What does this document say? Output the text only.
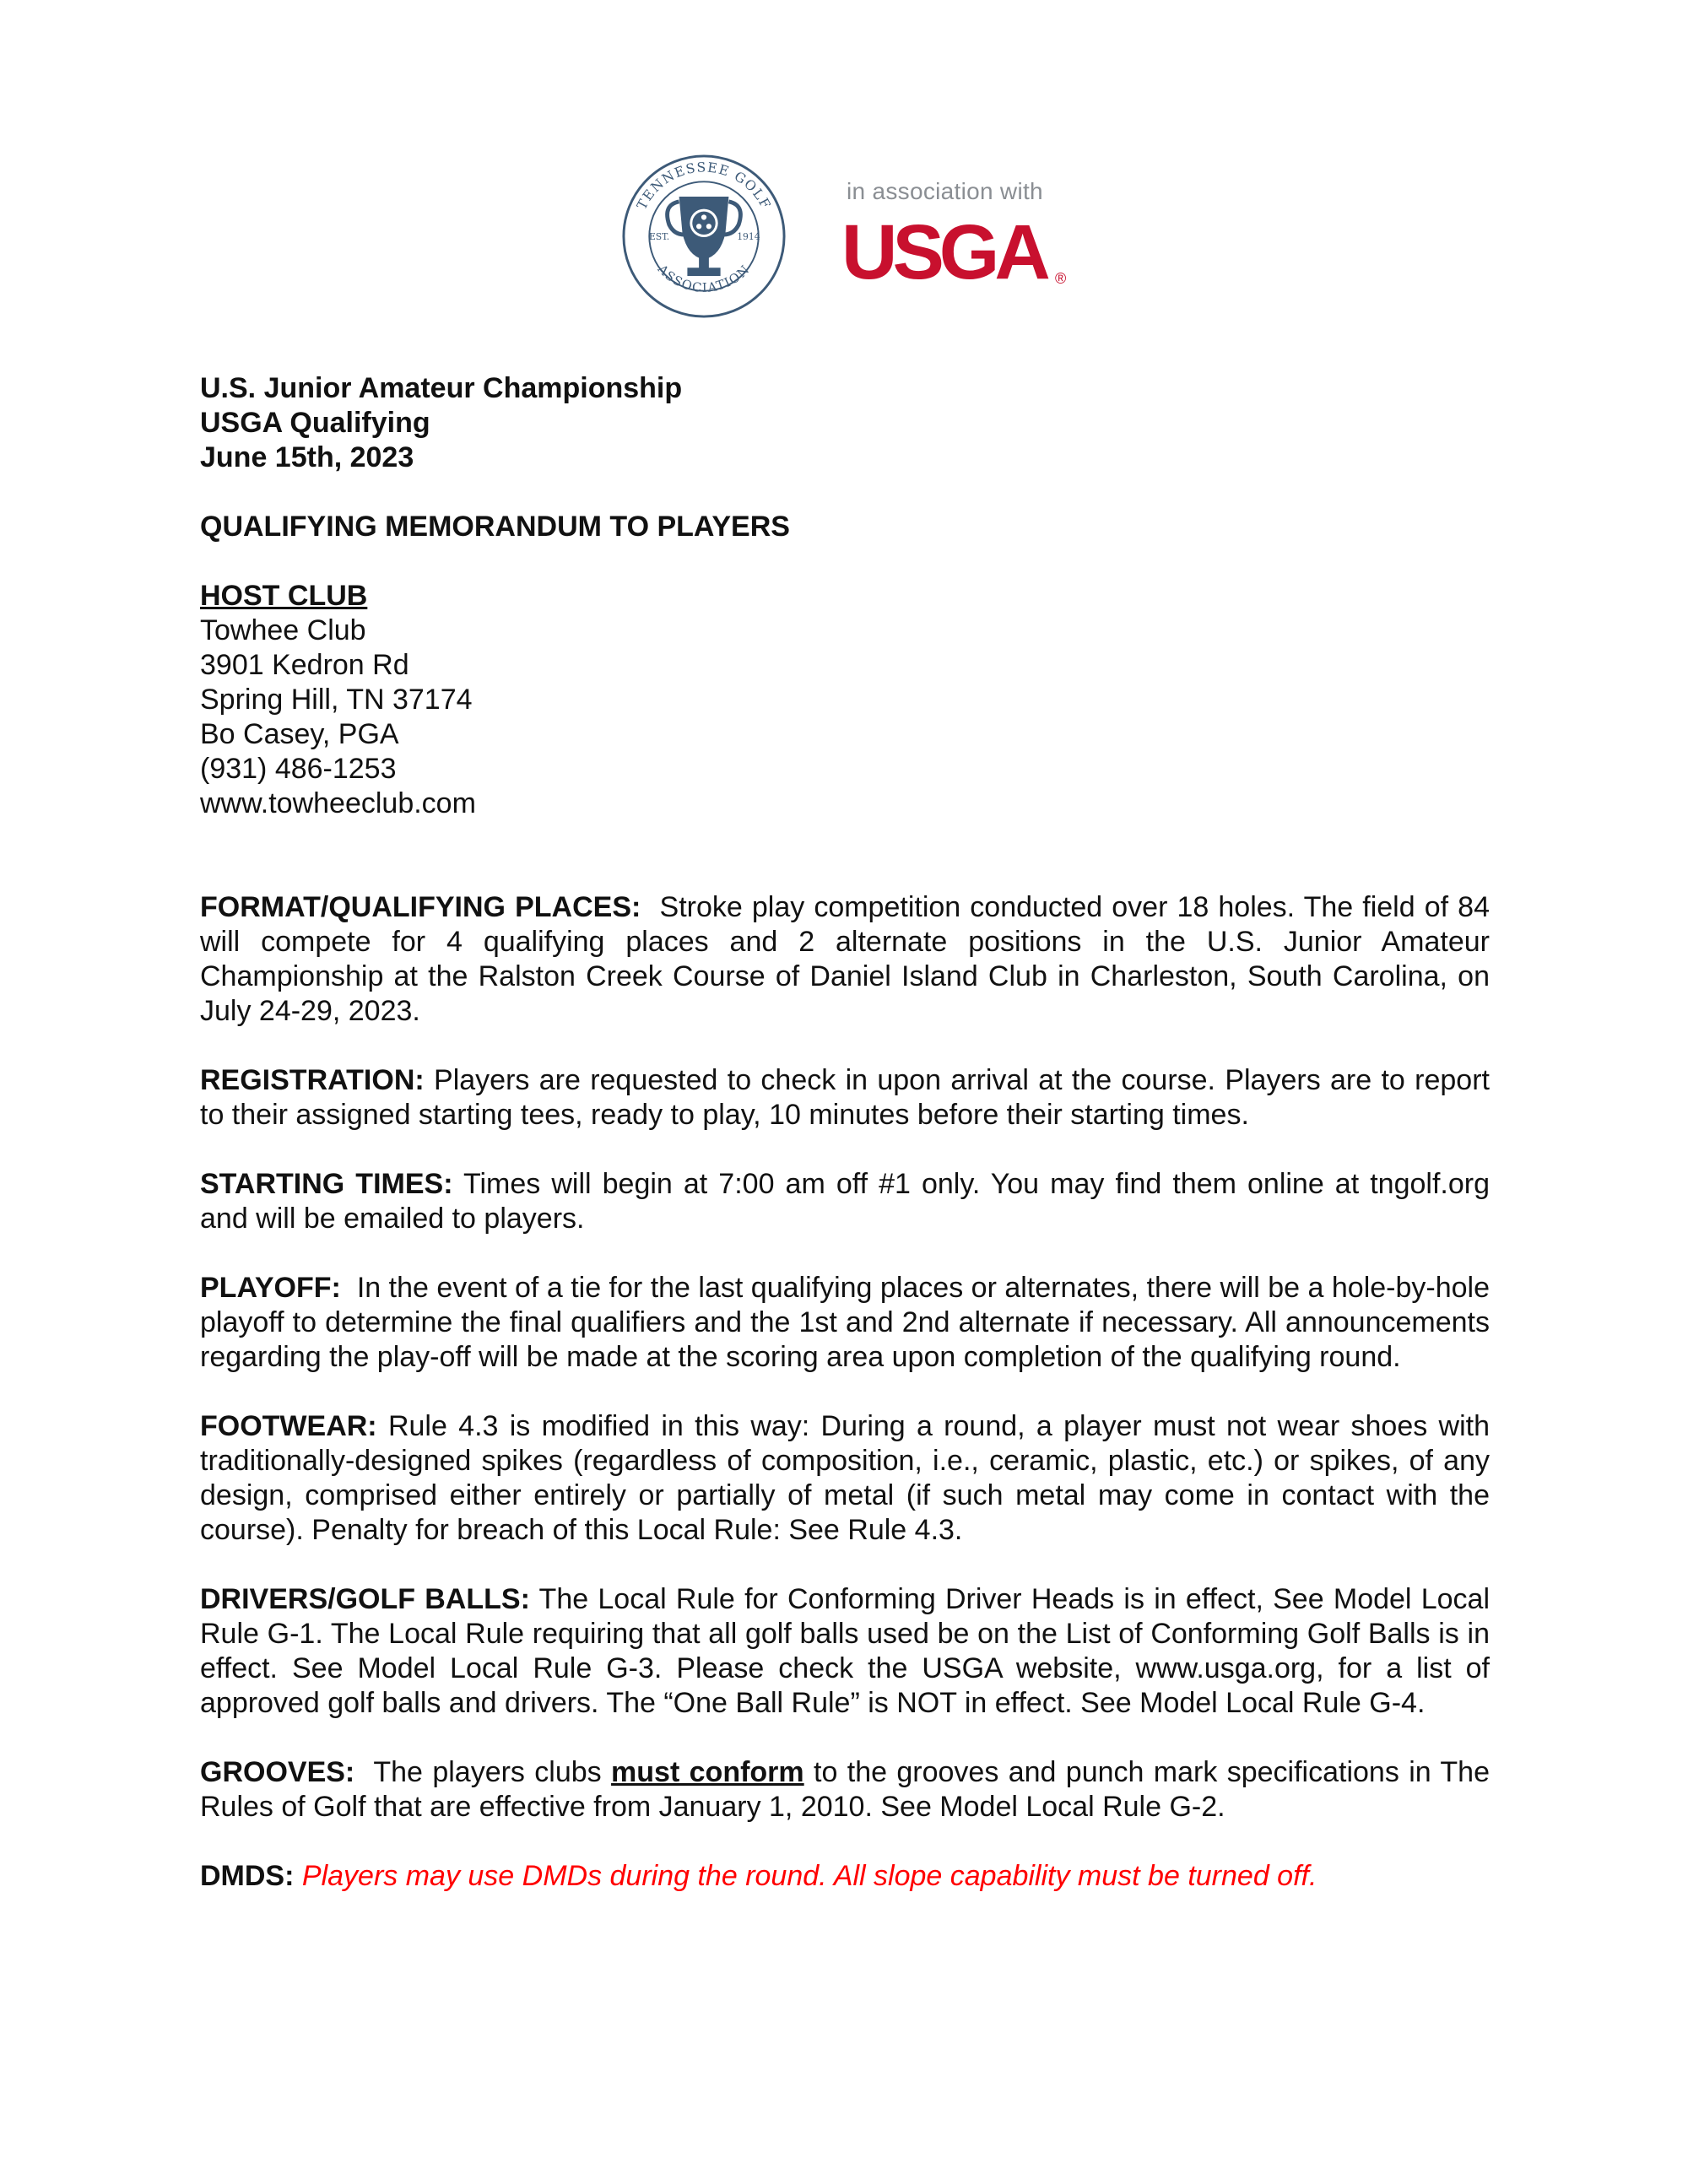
TENNESSEE GOLF
ASSOCIATION
EST.	1914
in association with
USGA ®

U.S. Junior Amateur Championship

USGA Qualifying

June 15th, 2023

QUALIFYING MEMORANDUM TO PLAYERS

HOST CLUB

Towhee Club

3901 Kedron Rd

Spring Hill, TN 37174

Bo Casey, PGA

(931) 486-1253

www.towheeclub.com

FORMAT/QUALIFYING PLACES: Stroke play competition conducted over 18 holes. The field of 84 will compete for 4 qualifying places and 2 alternate positions in the U.S. Junior Amateur Championship at the Ralston Creek Course of Daniel Island Club in Charleston, South Carolina, on July 24-29, 2023.

REGISTRATION: Players are requested to check in upon arrival at the course. Players are to report to their assigned starting tees, ready to play, 10 minutes before their starting times.

STARTING TIMES: Times will begin at 7:00 am off #1 only. You may find them online at tngolf.org and will be emailed to players.

PLAYOFF: In the event of a tie for the last qualifying places or alternates, there will be a hole-by-hole playoff to determine the final qualifiers and the 1st and 2nd alternate if necessary. All announcements regarding the play-off will be made at the scoring area upon completion of the qualifying round.

FOOTWEAR: Rule 4.3 is modified in this way: During a round, a player must not wear shoes with traditionally-designed spikes (regardless of composition, i.e., ceramic, plastic, etc.) or spikes, of any design, comprised either entirely or partially of metal (if such metal may come in contact with the course). Penalty for breach of this Local Rule: See Rule 4.3.

DRIVERS/GOLF BALLS: The Local Rule for Conforming Driver Heads is in effect, See Model Local Rule G-1. The Local Rule requiring that all golf balls used be on the List of Conforming Golf Balls is in effect. See Model Local Rule G-3. Please check the USGA website, www.usga.org, for a list of approved golf balls and drivers. The “One Ball Rule” is NOT in effect. See Model Local Rule G-4.

GROOVES: The players clubs must conform to the grooves and punch mark specifications in The Rules of Golf that are effective from January 1, 2010. See Model Local Rule G-2.

DMDS: Players may use DMDs during the round. All slope capability must be turned off.
